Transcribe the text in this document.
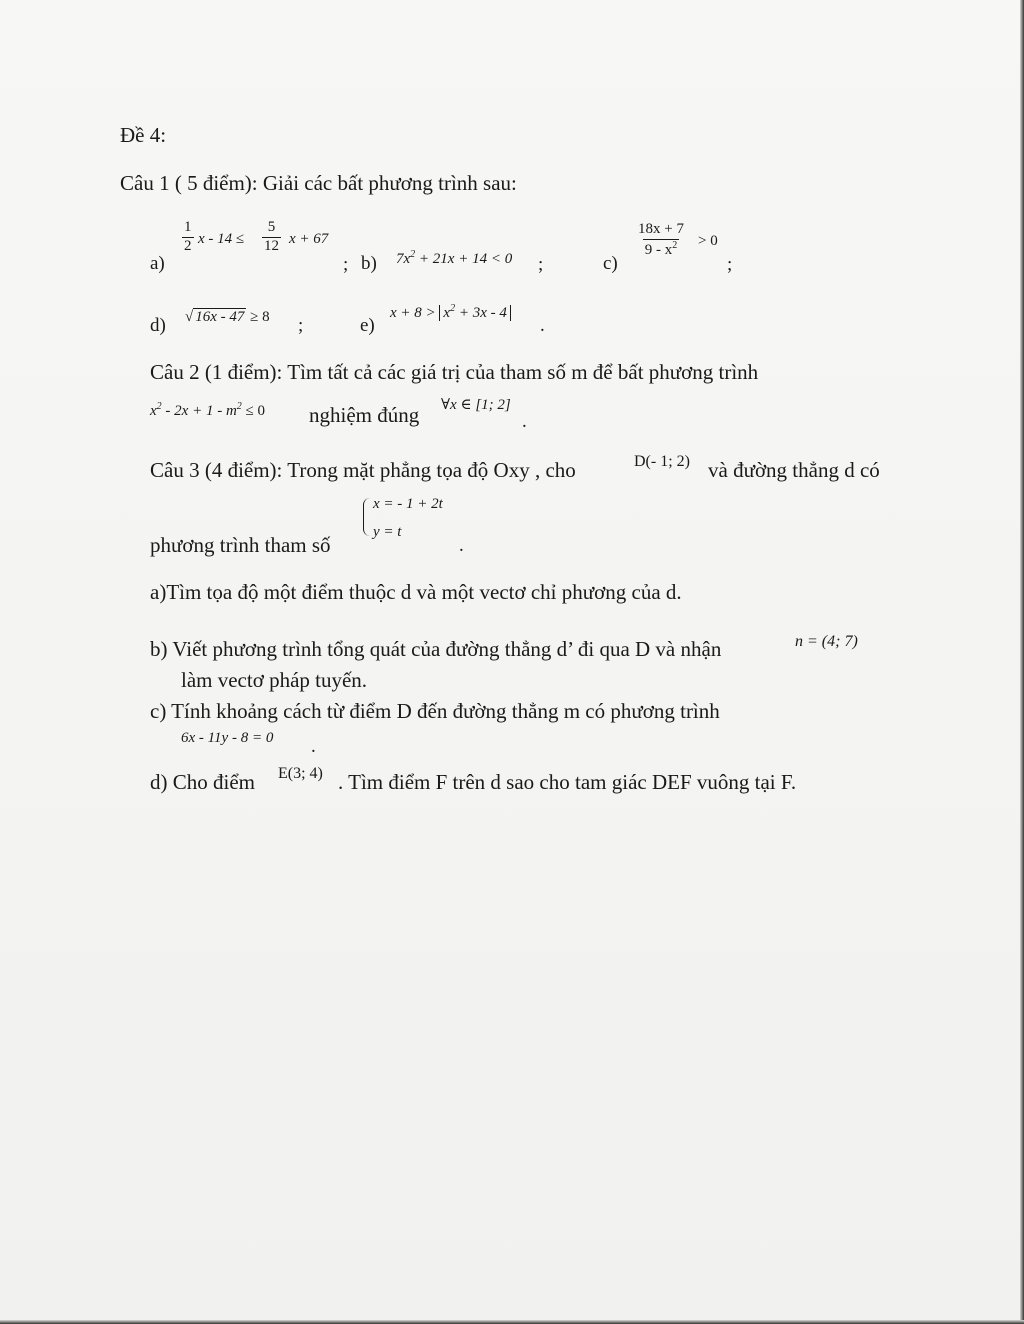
Đề 4:
Câu 1 ( 5 điểm): Giải các bất phương trình sau:
a)
$\frac{1}{2}$ $x - 14 \le \frac{5}{12}$ x + 67
; b) $7x^2 + 21x + 14 < 0$ ;	c)
$\frac{18x + 7}{9 - x^2} > 0$
;
d) √ 16x - 47 ≥ 8 ;	e)
$x + 8 > x^2 + 3x - 4$
.
Câu 2 (1 điểm): Tìm tất cả các giá trị của tham số m để bất phương trình
$x^2 - 2x + 1 - m^2 \le 0$ nghiệm đúng ∀x ∈ [1; 2]
.
Câu 3 (4 điểm): Trong mặt phẳng tọa độ Oxy , cho	D(- 1; 2) và đường thẳng d có
phương trình tham số
x = - 1 + 2t
y = t
.
a)Tìm tọa độ một điểm thuộc d và một vectơ chỉ phương của d.
b) Viết phương trình tổng quát của đường thẳng d’ đi qua D và nhận	n = (4; 7)
làm vectơ pháp tuyến.
c) Tính khoảng cách từ điểm D đến đường thẳng m có phương trình
6x - 11y - 8 = 0 .
d) Cho điểm E(3; 4) . Tìm điểm F trên d sao cho tam giác DEF vuông tại F.
